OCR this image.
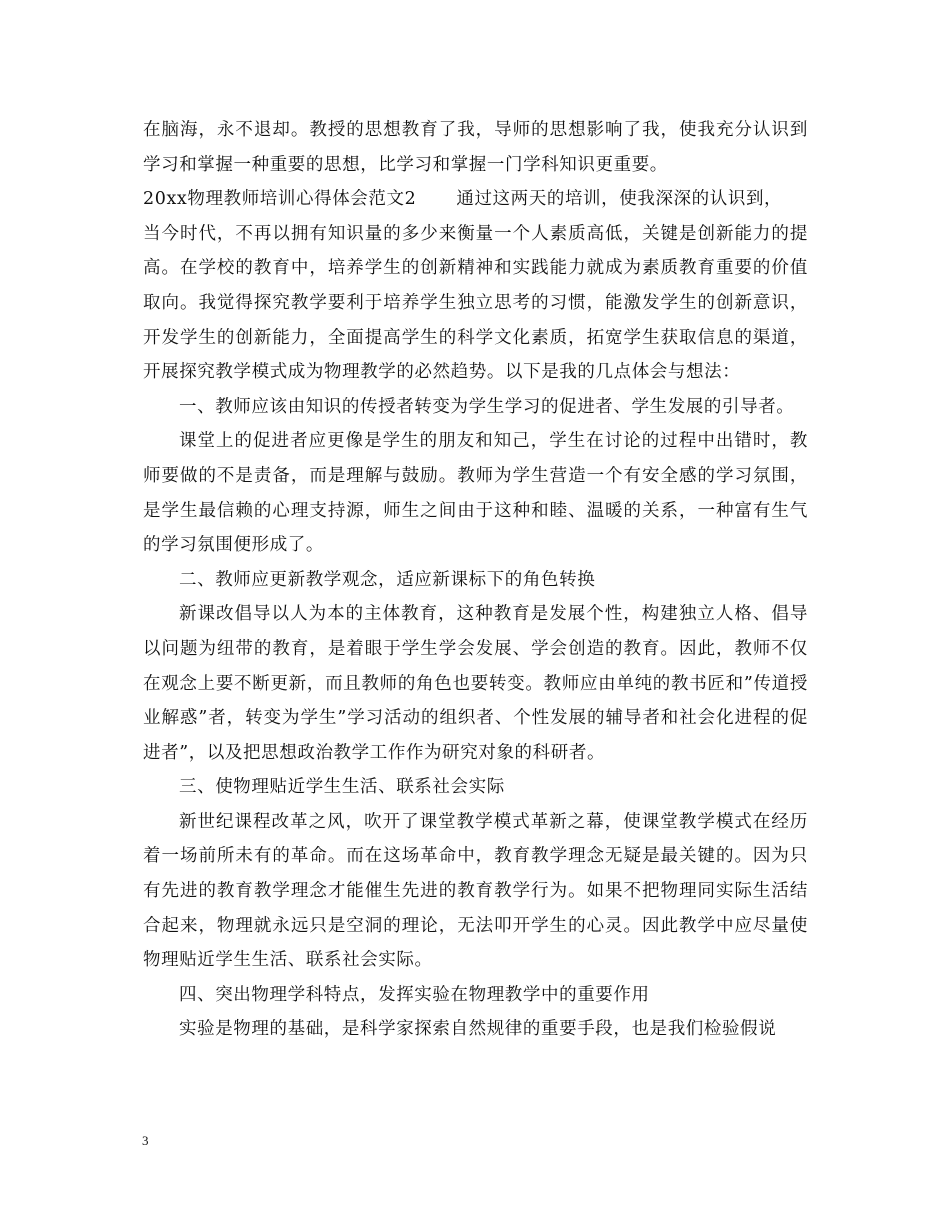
在脑海，永不退却。教授的思想教育了我，导师的思想影响了我，使我充分认识到学习和掌握一种重要的思想，比学习和掌握一门学科知识更重要。

20xx物理教师培训心得体会范文2 通过这两天的培训，使我深深的认识到，

当今时代，不再以拥有知识量的多少来衡量一个人素质高低，关键是创新能力的提高。在学校的教育中，培养学生的创新精神和实践能力就成为素质教育重要的价值取向。我觉得探究教学要利于培养学生独立思考的习惯，能激发学生的创新意识，开发学生的创新能力，全面提高学生的科学文化素质，拓宽学生获取信息的渠道，开展探究教学模式成为物理教学的必然趋势。以下是我的几点体会与想法：

一、教师应该由知识的传授者转变为学生学习的促进者、学生发展的引导者。

课堂上的促进者应更像是学生的朋友和知己，学生在讨论的过程中出错时，教师要做的不是责备，而是理解与鼓励。教师为学生营造一个有安全感的学习氛围，是学生最信赖的心理支持源，师生之间由于这种和睦、温暖的关系，一种富有生气的学习氛围便形成了。

二、教师应更新教学观念，适应新课标下的角色转换

新课改倡导以人为本的主体教育，这种教育是发展个性，构建独立人格、倡导以问题为纽带的教育，是着眼于学生学会发展、学会创造的教育。因此，教师不仅在观念上要不断更新，而且教师的角色也要转变。教师应由单纯的教书匠和”传道授业解惑”者，转变为学生”学习活动的组织者、个性发展的辅导者和社会化进程的促进者”，以及把思想政治教学工作作为研究对象的科研者。

三、使物理贴近学生生活、联系社会实际

新世纪课程改革之风，吹开了课堂教学模式革新之幕，使课堂教学模式在经历着一场前所未有的革命。而在这场革命中，教育教学理念无疑是最关键的。因为只有先进的教育教学理念才能催生先进的教育教学行为。如果不把物理同实际生活结合起来，物理就永远只是空洞的理论，无法叩开学生的心灵。因此教学中应尽量使物理贴近学生生活、联系社会实际。

四、突出物理学科特点，发挥实验在物理教学中的重要作用

实验是物理的基础，是科学家探索自然规律的重要手段，也是我们检验假说

3
